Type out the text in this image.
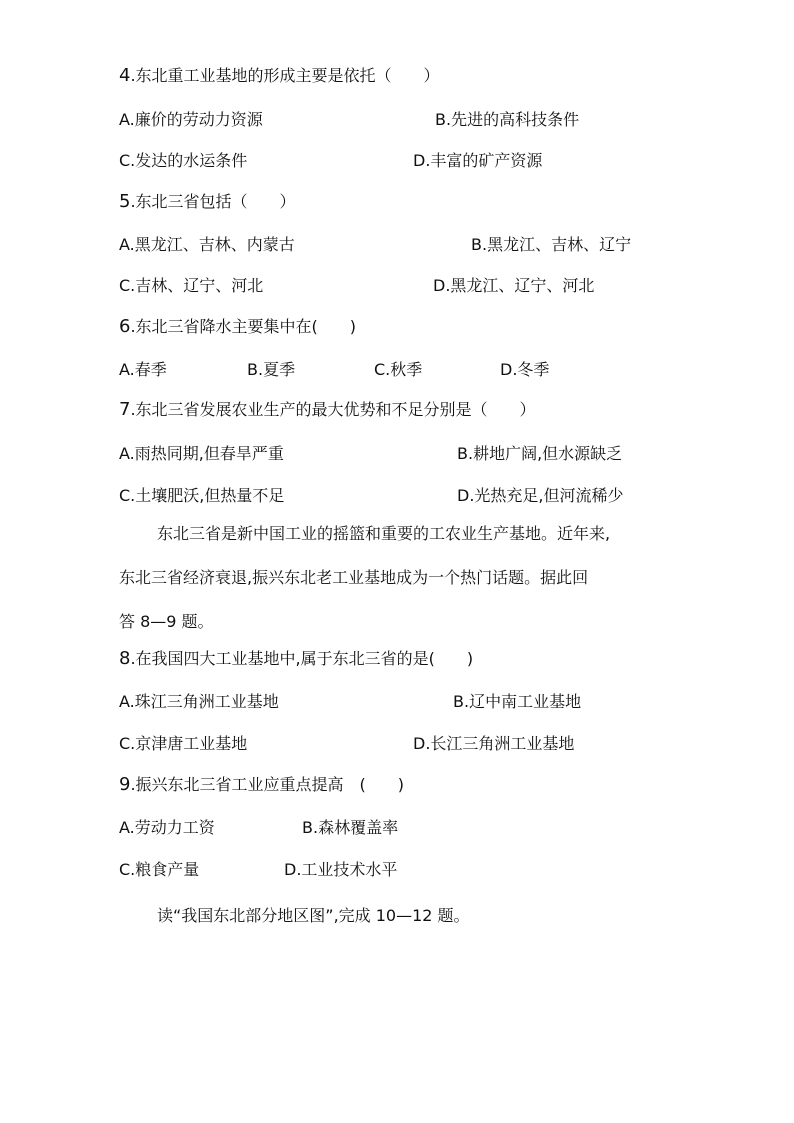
4.东北重工业基地的形成主要是依托（　　）
A.廉价的劳动力资源	B.先进的高科技条件
C.发达的水运条件	D.丰富的矿产资源
5.东北三省包括（　　）
A.黑龙江、吉林、内蒙古	B.黑龙江、吉林、辽宁
C.吉林、辽宁、河北	D.黑龙江、辽宁、河北
6.东北三省降水主要集中在(　　)
A.春季	B.夏季	C.秋季	D.冬季
7.东北三省发展农业生产的最大优势和不足分别是（　　）
A.雨热同期,但春旱严重	B.耕地广阔,但水源缺乏
C.土壤肥沃,但热量不足	D.光热充足,但河流稀少
东北三省是新中国工业的摇篮和重要的工农业生产基地。近年来,
东北三省经济衰退,振兴东北老工业基地成为一个热门话题。据此回
答 8—9 题。
8.在我国四大工业基地中,属于东北三省的是(　　)
A.珠江三角洲工业基地	B.辽中南工业基地
C.京津唐工业基地	D.长江三角洲工业基地
9.振兴东北三省工业应重点提高　(　　)
A.劳动力工资	B.森林覆盖率
C.粮食产量	D.工业技术水平
读“我国东北部分地区图”,完成 10—12 题。
